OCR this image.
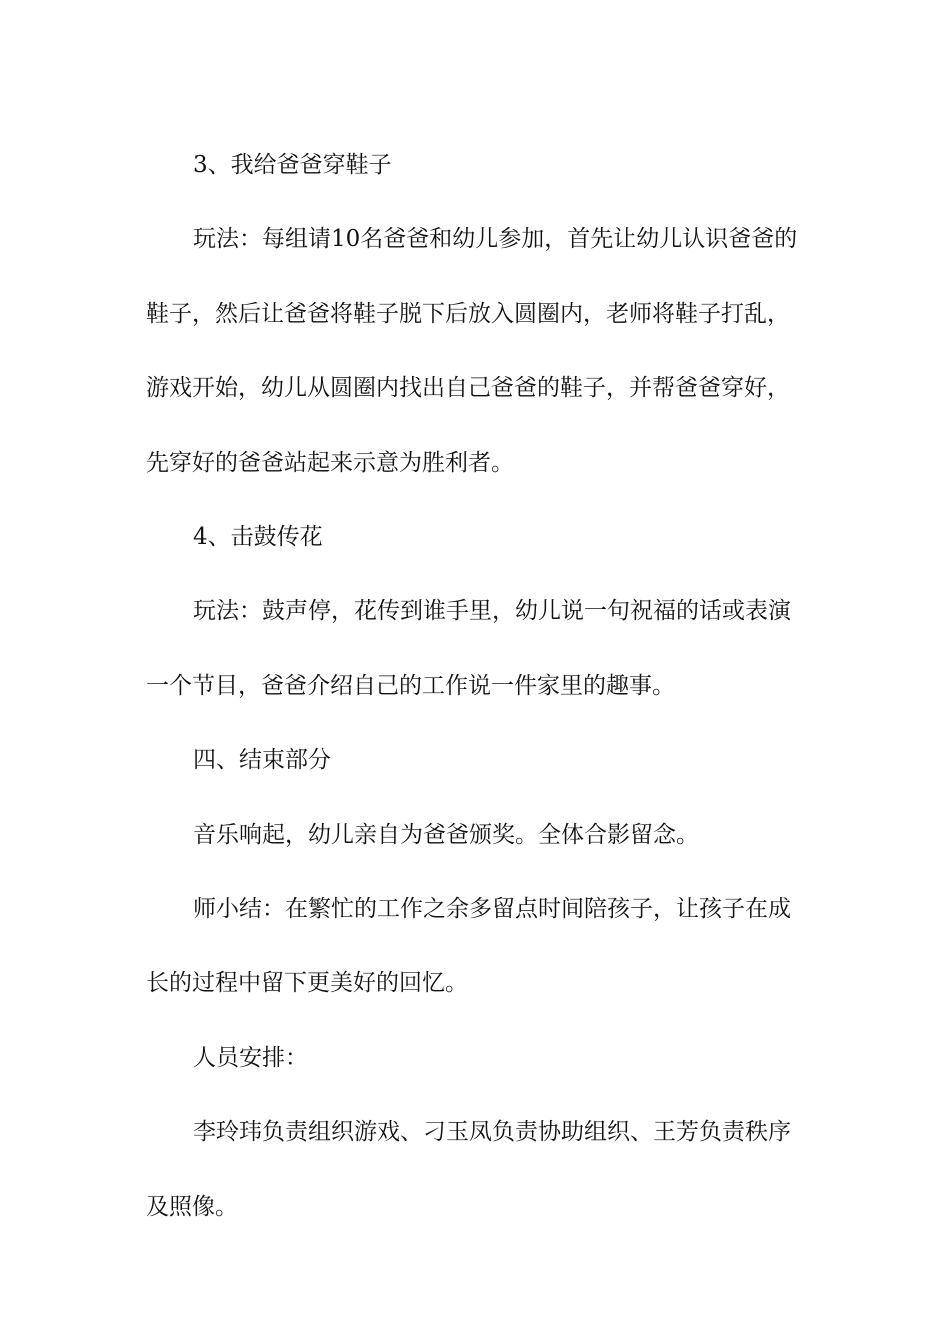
3、我给爸爸穿鞋子

玩法：每组请10名爸爸和幼儿参加，首先让幼儿认识爸爸的鞋子，然后让爸爸将鞋子脱下后放入圆圈内，老师将鞋子打乱，游戏开始，幼儿从圆圈内找出自己爸爸的鞋子，并帮爸爸穿好，先穿好的爸爸站起来示意为胜利者。

4、击鼓传花

玩法：鼓声停，花传到谁手里，幼儿说一句祝福的话或表演一个节目，爸爸介绍自己的工作说一件家里的趣事。

四、结束部分

音乐响起，幼儿亲自为爸爸颁奖。全体合影留念。

师小结：在繁忙的工作之余多留点时间陪孩子，让孩子在成长的过程中留下更美好的回忆。

人员安排：

李玲玮负责组织游戏、刁玉凤负责协助组织、王芳负责秩序及照像。
